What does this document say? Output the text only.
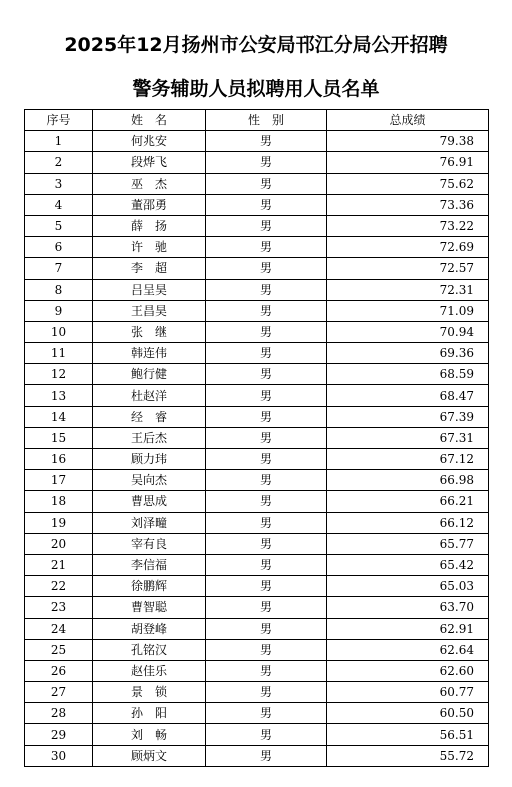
2025年12月扬州市公安局邗江分局公开招聘
警务辅助人员拟聘用人员名单
序号	姓　名	性　别	总成绩
1	何兆安	男	79.38
2	段烨飞	男	76.91
3	巫　杰	男	75.62
4	董邵勇	男	73.36
5	薛　扬	男	73.22
6	许　驰	男	72.69
7	李　超	男	72.57
8	吕呈昊	男	72.31
9	王昌昊	男	71.09
10	张　继	男	70.94
11	韩连伟	男	69.36
12	鲍行健	男	68.59
13	杜赵洋	男	68.47
14	经　睿	男	67.39
15	王后杰	男	67.31
16	顾力玮	男	67.12
17	吴向杰	男	66.98
18	曹思成	男	66.21
19	刘泽疃	男	66.12
20	宰有良	男	65.77
21	李信福	男	65.42
22	徐鹏辉	男	65.03
23	曹智聪	男	63.70
24	胡登峰	男	62.91
25	孔铭汉	男	62.64
26	赵佳乐	男	62.60
27	景　锁	男	60.77
28	孙　阳	男	60.50
29	刘　畅	男	56.51
30	顾炳文	男	55.72
